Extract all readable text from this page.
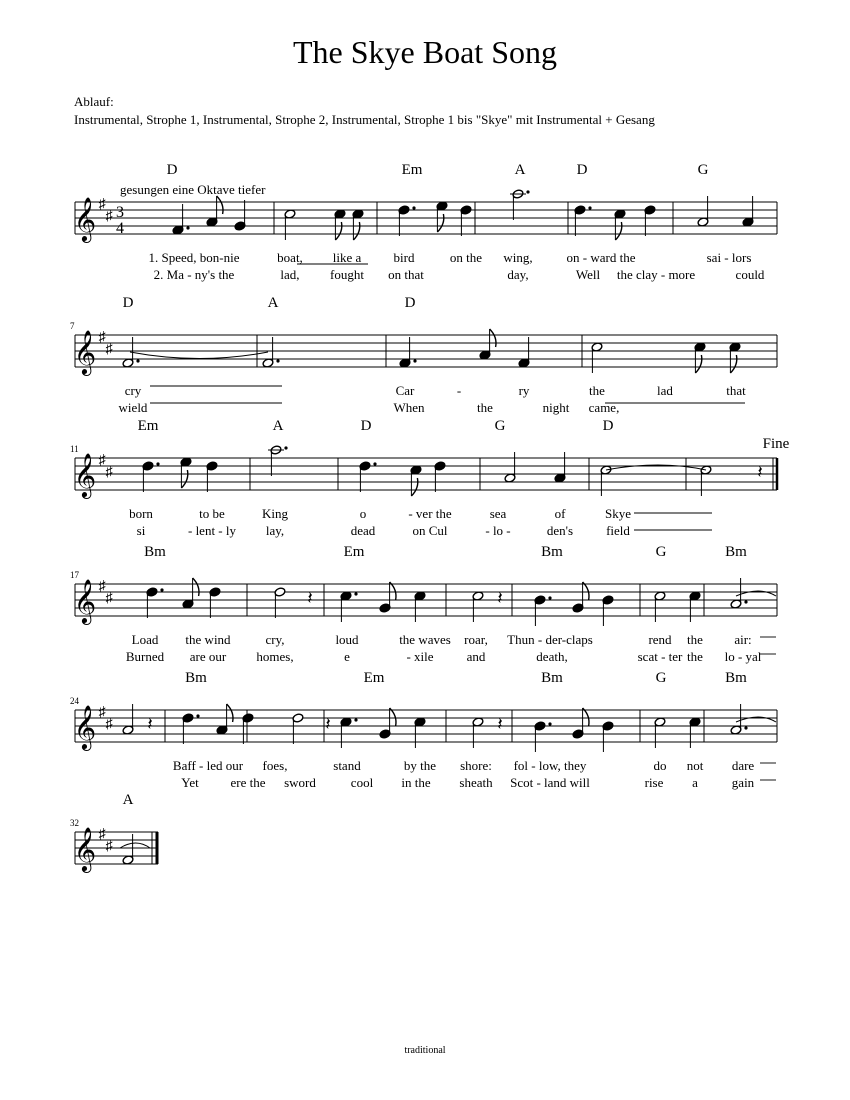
The Skye Boat Song
Ablauf:
Instrumental, Strophe 1, Instrumental, Strophe 2, Instrumental, Strophe 1 bis "Skye" mit Instrumental + Gesang
𝄞 ♯
♯ 3
4
gesungen eine Oktave tiefer
D	Em	A	D	G
1. Speed, bon-nie	boat, like a bird	on the wing,	on - ward the	sai - lors
2. Ma - ny's the	lad, fought on that	day,	Well the clay - more	could
𝄞 ♯
♯
7
D	A	D
cry	Car	-	ry	the	lad	that
wield	When	the	night came,
𝄞 ♯
♯
11
Em	A	D	G	D
𝄽
born	to be	King	o	- ver the	sea	of	Skye
si	- lent - ly lay,	dead	on Cul	- lo -	den's	field
𝄞 ♯
♯
17
Bm	Em	Bm	G	Bm
𝄽	𝄽
Load the wind	cry,	loud	the waves roar, Thun - der-claps	rend the air:
Burned are our homes,	e	- xile	and	death,	scat - ter the lo - yal
𝄞 ♯
♯
24
Bm	Em	Bm	G	Bm
𝄽	𝄽	𝄽
Baff - led our foes,	stand	by the shore: fol - low, they	do not dare
Yet ere the sword	cool in the sheath Scot - land will	rise a	gain
𝄞 ♯
♯
32
A
Fine
traditional
